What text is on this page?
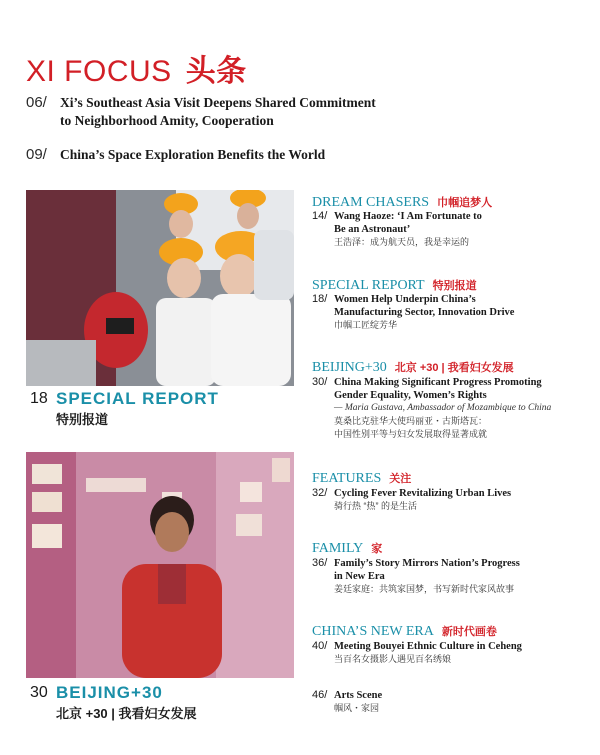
XI FOCUS 头条
06/ Xi’s Southeast Asia Visit Deepens Shared Commitment
to Neighborhood Amity, Cooperation
09/ China’s Space Exploration Benefits the World
18 SPECIAL REPORT
特别报道
30 BEIJING+30
北京 +30 | 我看妇女发展
DREAM CHASERS 巾帼追梦人
14/ Wang Haoze: ‘I Am Fortunate to
Be an Astronaut’
王浩泽：成为航天员，我是幸运的
SPECIAL REPORT 特别报道
18/ Women Help Underpin China’s
Manufacturing Sector, Innovation Drive
巾帼工匠绽芳华
BEIJING+30 北京 +30 | 我看妇女发展
30/ China Making Significant Progress Promoting
Gender Equality, Women’s Rights
— Maria Gustava, Ambassador of Mozambique to China
莫桑比克驻华大使玛丽亚・古斯塔瓦：
中国性别平等与妇女发展取得显著成就
FEATURES 关注
32/ Cycling Fever Revitalizing Urban Lives
骑行热 “热” 的是生活
FAMILY 家
36/ Family’s Story Mirrors Nation’s Progress
in New Era
姜廷家庭：共筑家国梦，书写新时代家风故事
CHINA’S NEW ERA 新时代画卷
40/ Meeting Bouyei Ethnic Culture in Ceheng
当百名女摄影人遇见百名绣娘
46/ Arts Scene
帼风・家园
